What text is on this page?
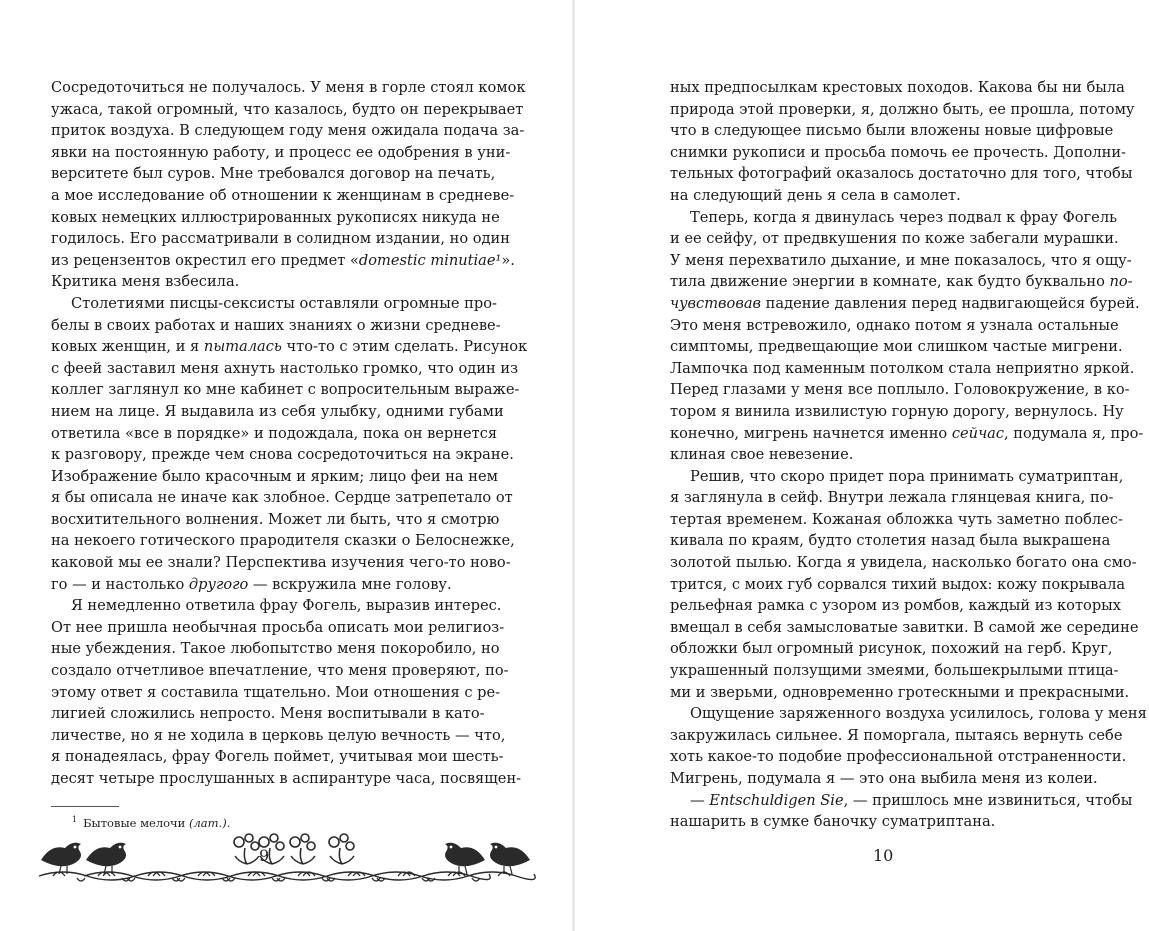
Сосредоточиться не получалось. У меня в горле стоял комок
ужаса, такой огромный, что казалось, будто он перекрывает
приток воздуха. В следующем году меня ожидала подача за-
явки на постоянную работу, и процесс ее одобрения в уни-
верситете был суров. Мне требовался договор на печать,
а мое исследование об отношении к женщинам в средневе-
ковых немецких иллюстрированных рукописях никуда не
годилось. Его рассматривали в солидном издании, но один
из рецензентов окрестил его предмет «domestic minutiae¹».
Критика меня взбесила.
Столетиями писцы-сексисты оставляли огромные про-
белы в своих работах и наших знаниях о жизни средневе-
ковых женщин, и я пыталась что-то с этим сделать. Рисунок
с феей заставил меня ахнуть настолько громко, что один из
коллег заглянул ко мне кабинет с вопросительным выраже-
нием на лице. Я выдавила из себя улыбку, одними губами
ответила «все в порядке» и подождала, пока он вернется
к разговору, прежде чем снова сосредоточиться на экране.
Изображение было красочным и ярким; лицо феи на нем
я бы описала не иначе как злобное. Сердце затрепетало от
восхитительного волнения. Может ли быть, что я смотрю
на некоего готического прародителя сказки о Белоснежке,
каковой мы ее знали? Перспектива изучения чего-то ново-
го — и настолько другого — вскружила мне голову.
Я немедленно ответила фрау Фогель, выразив интерес.
От нее пришла необычная просьба описать мои религиоз-
ные убеждения. Такое любопытство меня покоробило, но
создало отчетливое впечатление, что меня проверяют, по-
этому ответ я составила тщательно. Мои отношения с ре-
лигией сложились непросто. Меня воспитывали в като-
личестве, но я не ходила в церковь целую вечность — что,
я понадеялась, фрау Фогель поймет, учитывая мои шесть-
десят четыре прослушанных в аспирантуре часа, посвящен-
$^1$ Бытовые мелочи (лат.).
9
ных предпосылкам крестовых походов. Какова бы ни была
природа этой проверки, я, должно быть, ее прошла, потому
что в следующее письмо были вложены новые цифровые
снимки рукописи и просьба помочь ее прочесть. Дополни-
тельных фотографий оказалось достаточно для того, чтобы
на следующий день я села в самолет.
Теперь, когда я двинулась через подвал к фрау Фогель
и ее сейфу, от предвкушения по коже забегали мурашки.
У меня перехватило дыхание, и мне показалось, что я ощу-
тила движение энергии в комнате, как будто буквально по-
чувствовав падение давления перед надвигающейся бурей.
Это меня встревожило, однако потом я узнала остальные
симптомы, предвещающие мои слишком частые мигрени.
Лампочка под каменным потолком стала неприятно яркой.
Перед глазами у меня все поплыло. Головокружение, в ко-
тором я винила извилистую горную дорогу, вернулось. Ну
конечно, мигрень начнется именно сейчас, подумала я, про-
клиная свое невезение.
Решив, что скоро придет пора принимать суматриптан,
я заглянула в сейф. Внутри лежала глянцевая книга, по-
тертая временем. Кожаная обложка чуть заметно поблес-
кивала по краям, будто столетия назад была выкрашена
золотой пылью. Когда я увидела, насколько богато она смо-
трится, с моих губ сорвался тихий выдох: кожу покрывала
рельефная рамка с узором из ромбов, каждый из которых
вмещал в себя замысловатые завитки. В самой же середине
обложки был огромный рисунок, похожий на герб. Круг,
украшенный ползущими змеями, большекрылыми птица-
ми и зверьми, одновременно гротескными и прекрасными.
Ощущение заряженного воздуха усилилось, голова у меня
закружилась сильнее. Я поморгала, пытаясь вернуть себе
хоть какое-то подобие профессиональной отстраненности.
Мигрень, подумала я — это она выбила меня из колеи.
— Entschuldigen Sie, — пришлось мне извиниться, чтобы
нашарить в сумке баночку суматриптана.
10
